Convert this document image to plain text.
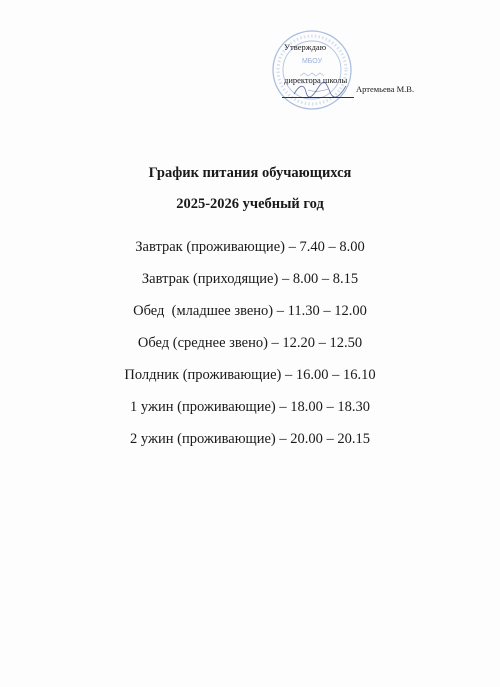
МБОУ
Утверждаю
директора школы
Артемьева М.В.
График питания обучающихся
2025-2026 учебный год
Завтрак (проживающие) – 7.40 – 8.00
Завтрак (приходящие) – 8.00 – 8.15
Обед  (младшее звено) – 11.30 – 12.00
Обед (среднее звено) – 12.20 – 12.50
Полдник (проживающие) – 16.00 – 16.10
1 ужин (проживающие) – 18.00 – 18.30
2 ужин (проживающие) – 20.00 – 20.15
